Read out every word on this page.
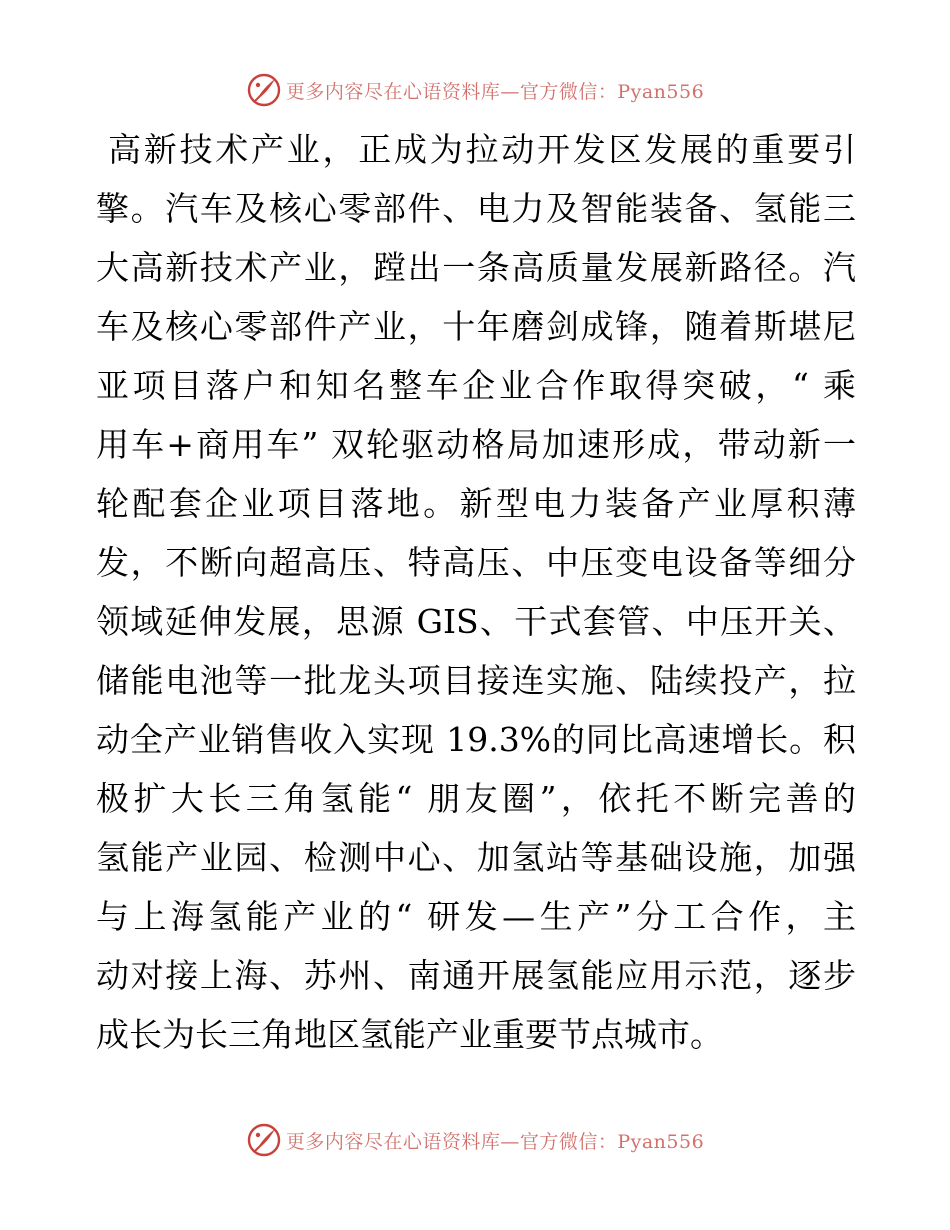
更多内容尽在心语资料库—官方微信：Pyan556
高新技术产业，正成为拉动开发区发展的重要引
擎。汽车及核心零部件、电力及智能装备、氢能三
大高新技术产业，蹚出一条高质量发展新路径。汽
车及核心零部件产业，十年磨剑成锋，随着斯堪尼
亚项目落户和知名整车企业合作取得突破，“ 乘
用车+商用车” 双轮驱动格局加速形成，带动新一
轮配套企业项目落地。新型电力装备产业厚积薄
发，不断向超高压、特高压、中压变电设备等细分
领域延伸发展，思源 GIS、干式套管、中压开关、
储能电池等一批龙头项目接连实施、陆续投产，拉
动全产业销售收入实现 19.3%的同比高速增长。积
极扩大长三角氢能“ 朋友圈”，依托不断完善的
氢能产业园、检测中心、加氢站等基础设施，加强
与上海氢能产业的“ 研发—生产”分工合作，主
动对接上海、苏州、南通开展氢能应用示范，逐步
成长为长三角地区氢能产业重要节点城市。
更多内容尽在心语资料库—官方微信：Pyan556
